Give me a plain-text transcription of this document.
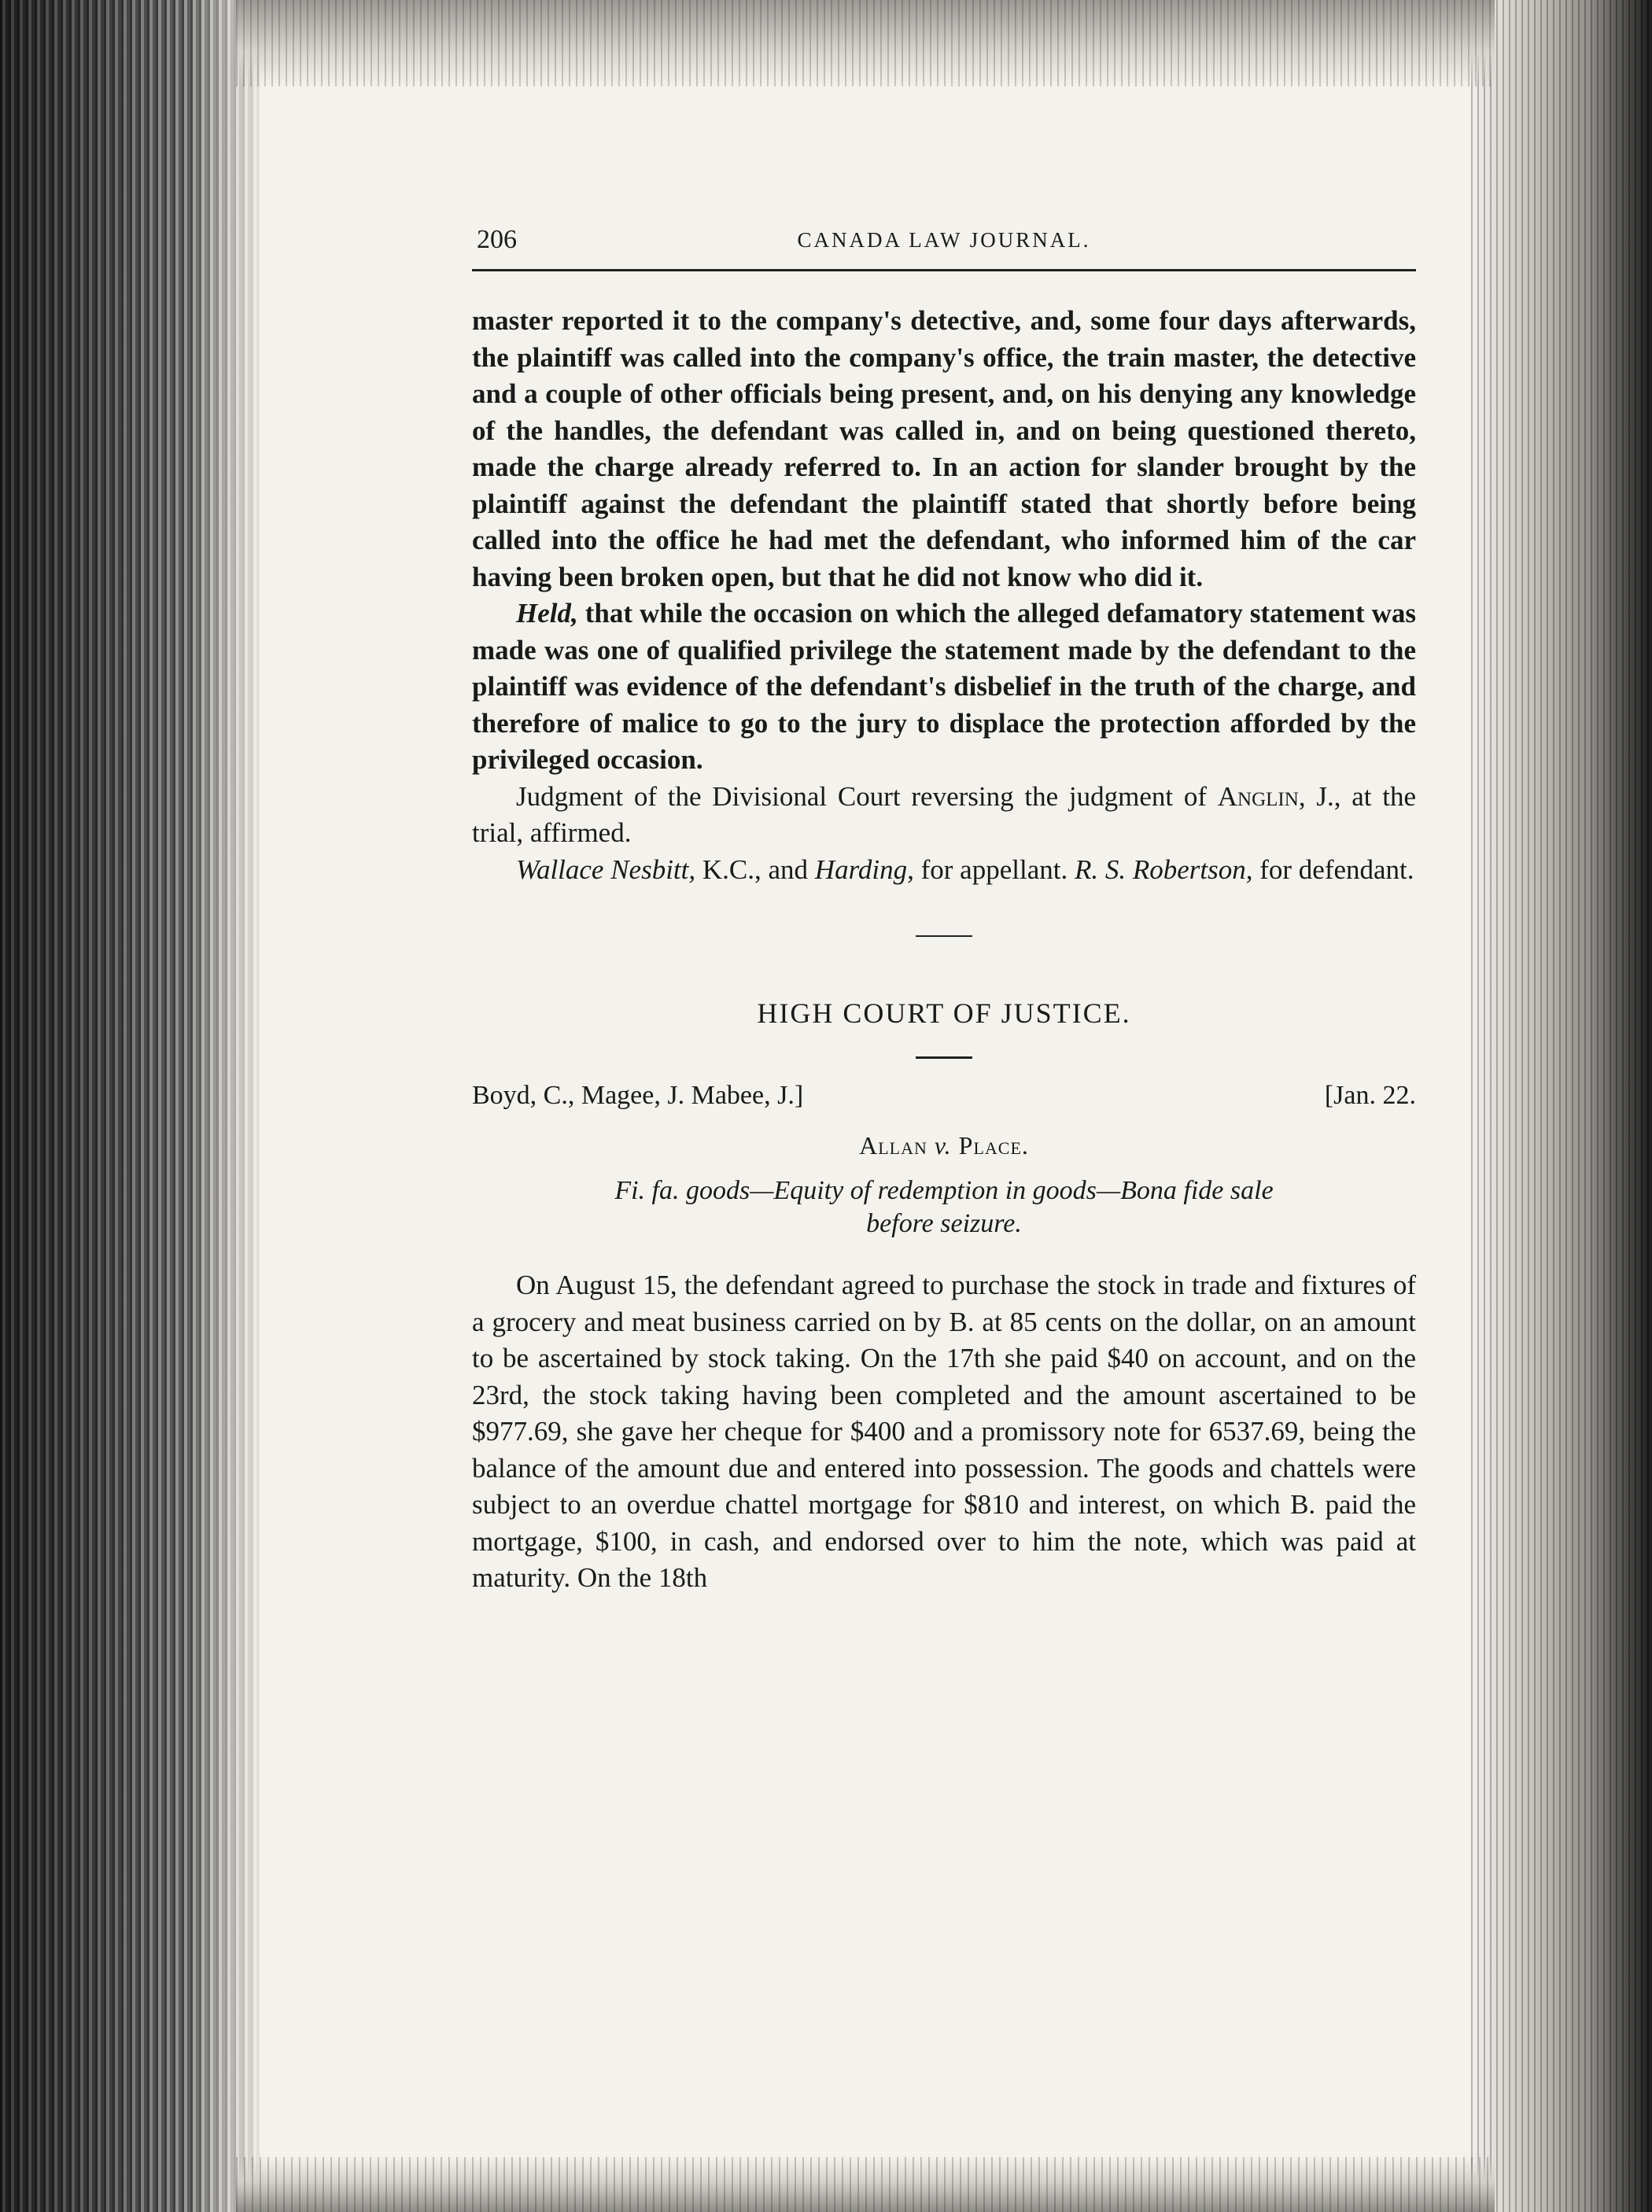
206	CANADA LAW JOURNAL.

master reported it to the company's detective, and, some four days afterwards, the plaintiff was called into the company's office, the train master, the detective and a couple of other officials being present, and, on his denying any knowledge of the handles, the defendant was called in, and on being questioned thereto, made the charge already referred to. In an action for slander brought by the plaintiff against the defendant the plaintiff stated that shortly before being called into the office he had met the defendant, who informed him of the car having been broken open, but that he did not know who did it.

Held, that while the occasion on which the alleged defamatory statement was made was one of qualified privilege the statement made by the defendant to the plaintiff was evidence of the defendant's disbelief in the truth of the charge, and therefore of malice to go to the jury to displace the protection afforded by the privileged occasion.

Judgment of the Divisional Court reversing the judgment of Anglin, J., at the trial, affirmed.

Wallace Nesbitt, K.C., and Harding, for appellant. R. S. Robertson, for defendant.

HIGH COURT OF JUSTICE.
Boyd, C., Magee, J. Mabee, J.]	[Jan. 22.
Allan v. Place.
Fi. fa. goods—Equity of redemption in goods—Bona fide sale
before seizure.

On August 15, the defendant agreed to purchase the stock in trade and fixtures of a grocery and meat business carried on by B. at 85 cents on the dollar, on an amount to be ascertained by stock taking. On the 17th she paid $40 on account, and on the 23rd, the stock taking having been completed and the amount ascertained to be $977.69, she gave her cheque for $400 and a promissory note for 6537.69, being the balance of the amount due and entered into possession. The goods and chattels were subject to an overdue chattel mortgage for $810 and interest, on which B. paid the mortgage, $100, in cash, and endorsed over to him the note, which was paid at maturity. On the 18th
